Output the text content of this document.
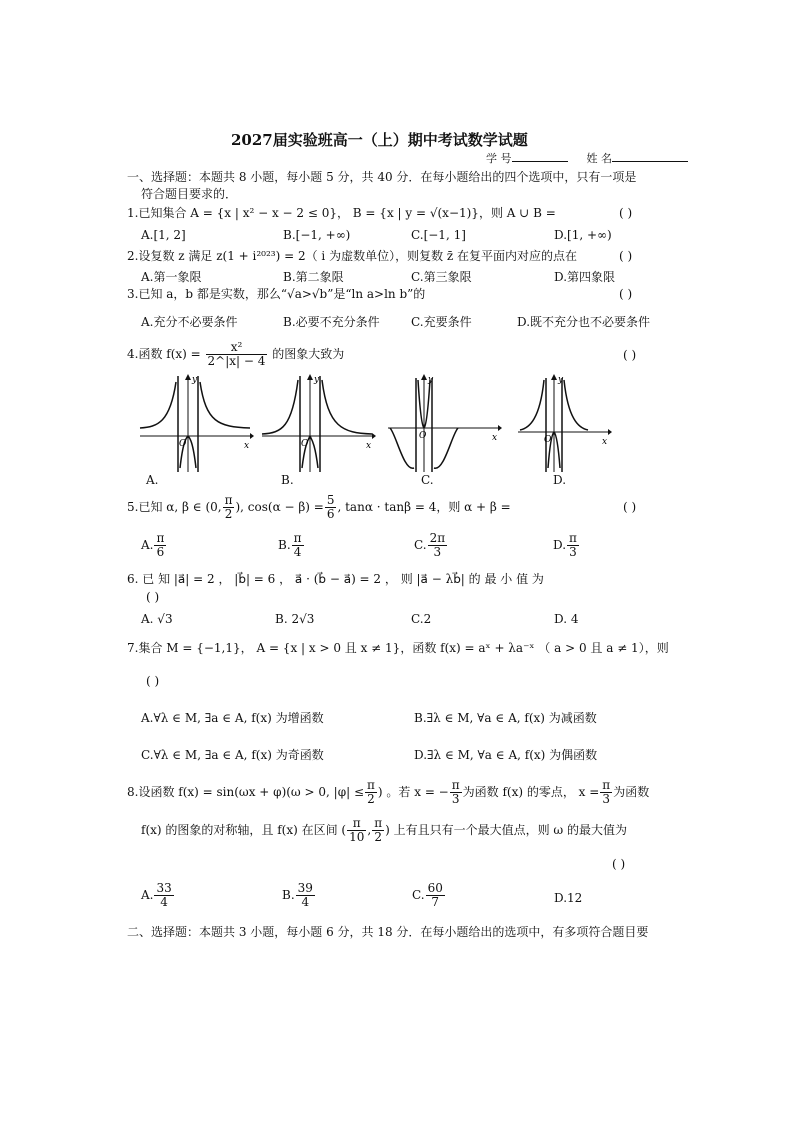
2027届实验班高一（上）期中考试数学试题
学 号	姓 名
一、选择题：本题共 8 小题，每小题 5 分，共 40 分．在每小题给出的四个选项中，只有一项是
符合题目要求的．
1.已知集合 A = {x | x² − x − 2 ≤ 0}， B = {x | y = √(x−1)}，则 A ∪ B =	( )
A.[1, 2]	B.[−1, +∞)	C.[−1, 1]	D.[1, +∞)
2.设复数 z 满足 z(1 + i²⁰²³) = 2（ i 为虚数单位），则复数 z̄ 在复平面内对应的点在	( )
A.第一象限	B.第二象限	C.第三象限	D.第四象限
3.已知 a，b 都是实数，那么“√a>√b”是“ln a>ln b”的	( )
A.充分不必要条件	B.必要不充分条件	C.充要条件	D.既不充分也不必要条件
4.函数 $f(x) = \frac{\text{x²}}{2\^{}|x| - 4}$ 的图象大致为	( )
y
x
O
y
x
O
y
x
O
y
x
O
A.	B.	C.	D.
5.已知 α, β ∈ (0, $\frac{\pi}{2}$ ), $\cos(\alpha - \beta) = \frac{5}{6}$ , tanα · tanβ = 4，则 α + β =	( )
A. $\frac{\pi}{6}$	B. $\frac{\pi}{4}$	C. $\frac{2\pi}{3}$	D. $\frac{\pi}{3}$
6. 已 知 |a⃗| = 2 ， |b⃗| = 6 ， a⃗ · (b⃗ − a⃗) = 2 ， 则 |a⃗ − λb⃗| 的 最 小 值 为
( )
A. √3	B. 2√3	C.2	D. 4
7.集合 M = {−1,1}， A = {x | x > 0 且 x ≠ 1}，函数 f(x) = aˣ + λa⁻ˣ （ a > 0 且 a ≠ 1），则
( )
A.∀λ ∈ M, ∃a ∈ A, f(x) 为增函数	B.∃λ ∈ M, ∀a ∈ A, f(x) 为减函数
C.∀λ ∈ M, ∃a ∈ A, f(x) 为奇函数	D.∃λ ∈ M, ∀a ∈ A, f(x) 为偶函数
8.设函数 f(x) = sin(ωx + φ)(ω > 0, $|\varphi| \le \frac{\pi}{2}$ ) 。若 x = − $\frac{\pi}{3}$ 为函数 f(x) 的零点， $x = \frac{\pi}{3}$ 为函数
f(x) 的图象的对称轴，且 f(x) 在区间 ( $\frac{\pi}{10}$ , $\frac{\pi}{2}$ ) 上有且只有一个最大值点，则 ω 的最大值为
( )
A. $\frac{33}{4}$	B. $\frac{39}{4}$	C. $\frac{60}{7}$	D.12
二、选择题：本题共 3 小题，每小题 6 分，共 18 分．在每小题给出的选项中，有多项符合题目要
